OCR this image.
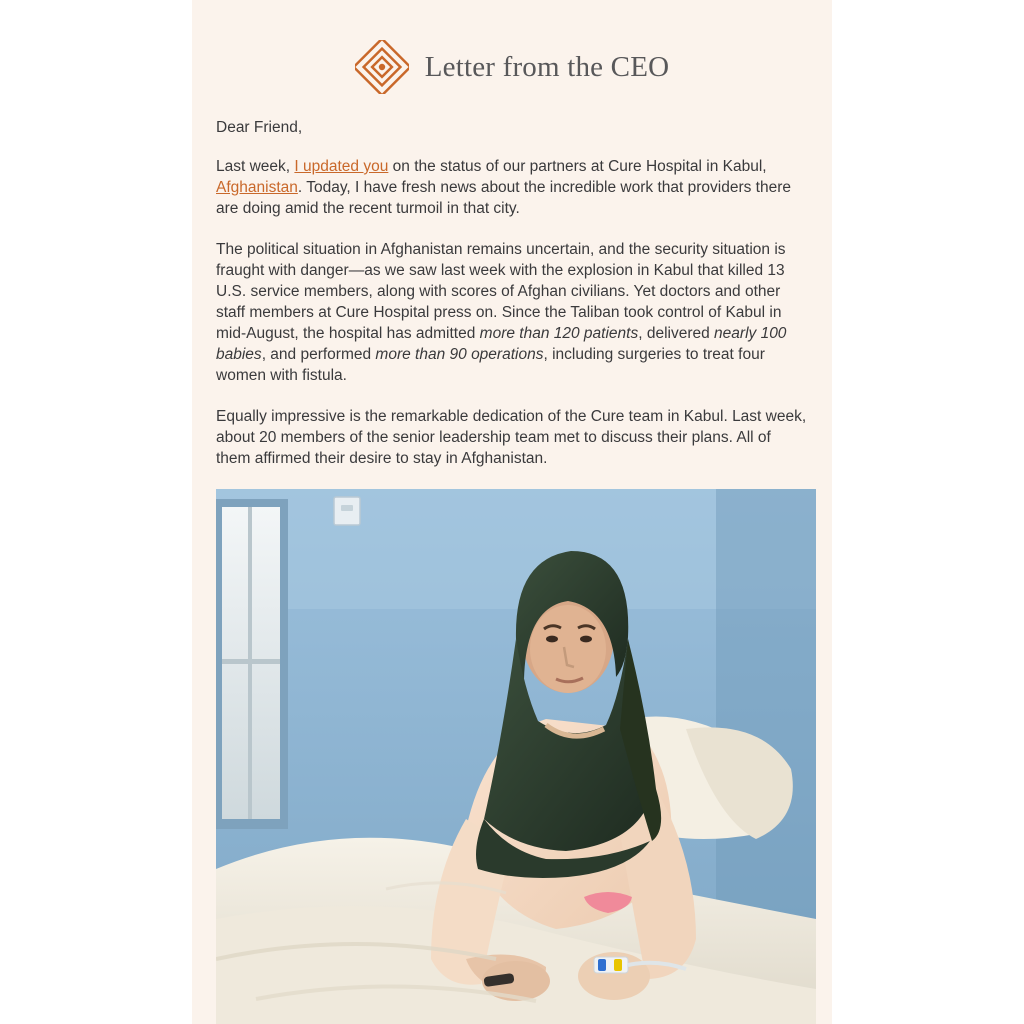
Letter from the CEO

Dear Friend,

Last week, I updated you on the status of our partners at Cure Hospital in Kabul, Afghanistan. Today, I have fresh news about the incredible work that providers there are doing amid the recent turmoil in that city.

The political situation in Afghanistan remains uncertain, and the security situation is fraught with danger—as we saw last week with the explosion in Kabul that killed 13 U.S. service members, along with scores of Afghan civilians. Yet doctors and other staff members at Cure Hospital press on. Since the Taliban took control of Kabul in mid-August, the hospital has admitted more than 120 patients, delivered nearly 100 babies, and performed more than 90 operations, including surgeries to treat four women with fistula.

Equally impressive is the remarkable dedication of the Cure team in Kabul. Last week, about 20 members of the senior leadership team met to discuss their plans. All of them affirmed their desire to stay in Afghanistan.
